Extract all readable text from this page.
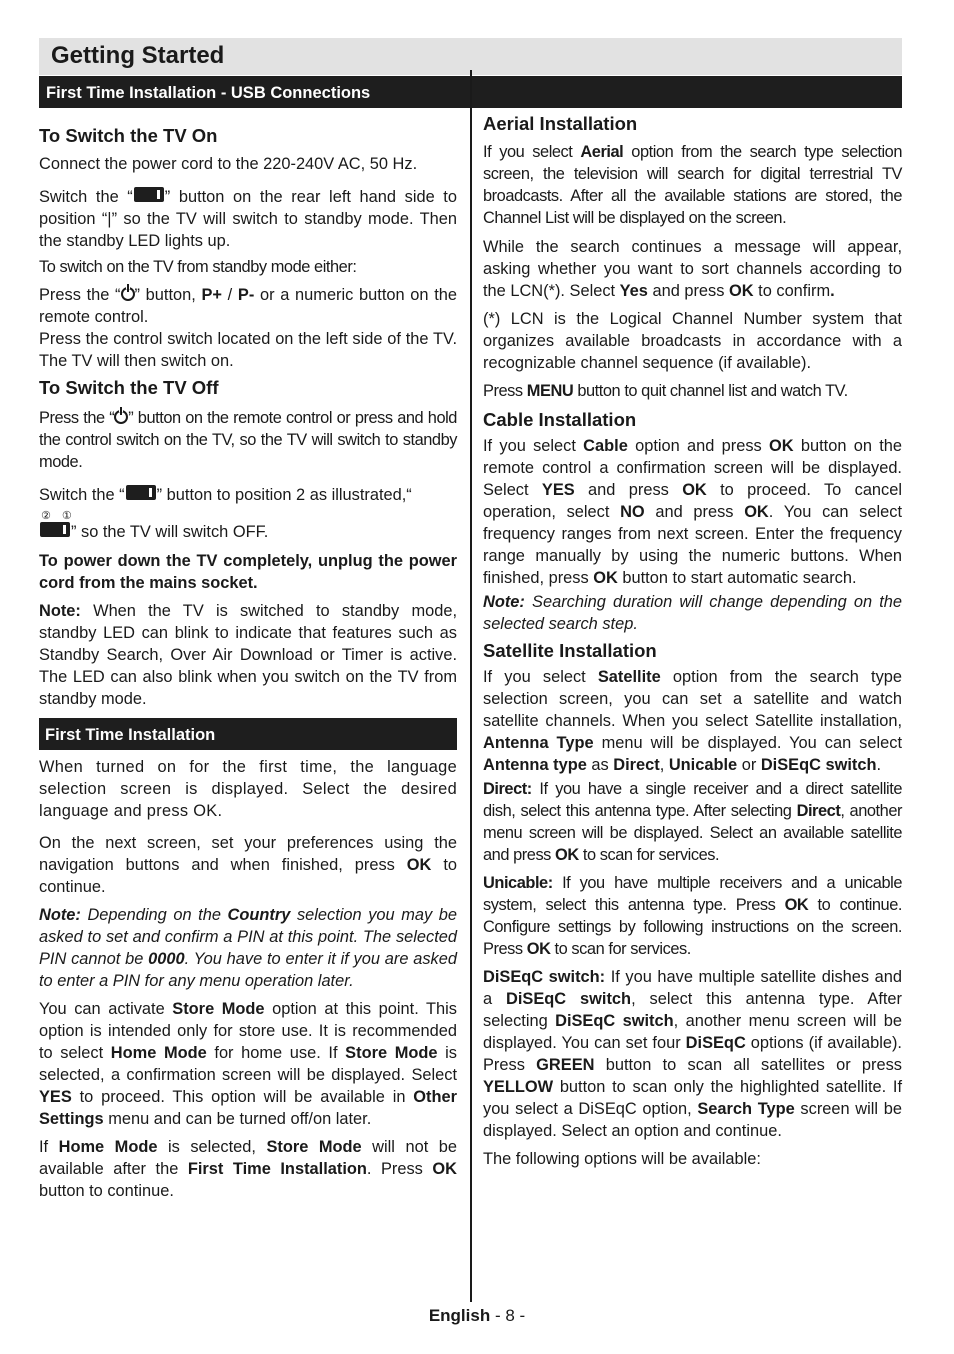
Getting Started
First Time Installation - USB Connections
To Switch the TV On

Connect the power cord to the 220-240V AC, 50 Hz.

Switch the “ ” button on the rear left hand side to position “|” so the TV will switch to standby mode. Then the standby LED lights up.

To switch on the TV from standby mode either:

Press the “ ” button, P+ / P- or a numeric button on the remote control.

Press the control switch located on the left side of the TV. The TV will then switch on.

To Switch the TV Off

Press the “ ” button on the remote control or press and hold the control switch on the TV, so the TV will switch to standby mode.

Switch the “ ” button to position 2 as illustrated,“

② ①
” so the TV will switch OFF.

To power down the TV completely, unplug the power cord from the mains socket.

Note: When the TV is switched to standby mode, standby LED can blink to indicate that features such as Standby Search, Over Air Download or Timer is active. The LED can also blink when you switch on the TV from standby mode.

First Time Installation

When turned on for the first time, the language selection screen is displayed. Select the desired language and press OK.

On the next screen, set your preferences using the navigation buttons and when finished, press OK to continue.

Note: Depending on the Country selection you may be asked to set and confirm a PIN at this point. The selected PIN cannot be 0000. You have to enter it if you are asked to enter a PIN for any menu operation later.

You can activate Store Mode option at this point. This option is intended only for store use. It is recommended to select Home Mode for home use. If Store Mode is selected, a confirmation screen will be displayed. Select YES to proceed. This option will be available in Other Settings menu and can be turned off/on later.

If Home Mode is selected, Store Mode will not be available after the First Time Installation. Press OK button to continue.

Aerial Installation

If you select Aerial option from the search type selection screen, the television will search for digital terrestrial TV broadcasts. After all the available stations are stored, the Channel List will be displayed on the screen.

While the search continues a message will appear, asking whether you want to sort channels according to the LCN(*). Select Yes and press OK to confirm.

(*) LCN is the Logical Channel Number system that organizes available broadcasts in accordance with a recognizable channel sequence (if available).

Press MENU button to quit channel list and watch TV.

Cable Installation

If you select Cable option and press OK button on the remote control a confirmation screen will be displayed. Select YES and press OK to proceed. To cancel operation, select NO and press OK. You can select frequency ranges from next screen. Enter the frequency range manually by using the numeric buttons. When finished, press OK button to start automatic search.

Note: Searching duration will change depending on the selected search step.

Satellite Installation

If you select Satellite option from the search type selection screen, you can set a satellite and watch satellite channels. When you select Satellite installation, Antenna Type menu will be displayed. You can select Antenna type as Direct, Unicable or DiSEqC switch.

Direct: If you have a single receiver and a direct satellite dish, select this antenna type. After selecting Direct, another menu screen will be displayed. Select an available satellite and press OK to scan for services.

Unicable: If you have multiple receivers and a unicable system, select this antenna type. Press OK to continue. Configure settings by following instructions on the screen. Press OK to scan for services.

DiSEqC switch: If you have multiple satellite dishes and a DiSEqC switch, select this antenna type. After selecting DiSEqC switch, another menu screen will be displayed. You can set four DiSEqC options (if available). Press GREEN button to scan all satellites or press YELLOW button to scan only the highlighted satellite. If you select a DiSEqC option, Search Type screen will be displayed. Select an option and continue.

The following options will be available:

English - 8 -
